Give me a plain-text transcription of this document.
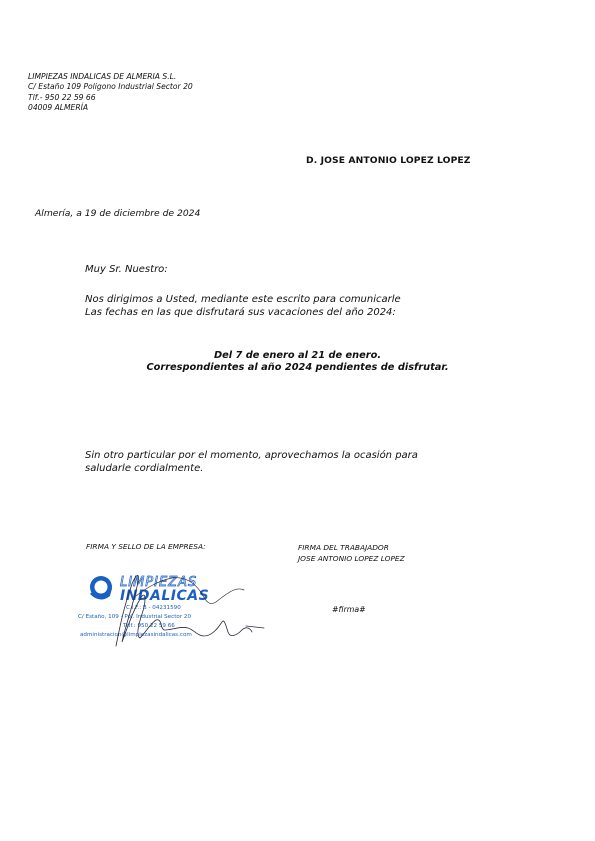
LIMPIEZAS INDALICAS DE ALMERIA S.L.
C/ Estaño 109 Poligono Industrial Sector 20
Tlf.- 950 22 59 66
04009 ALMERÍA
D. JOSE ANTONIO LOPEZ LOPEZ
Almería, a 19 de diciembre de 2024
Muy Sr. Nuestro:
Nos dirigimos a Usted, mediante este escrito para comunicarle
Las fechas en las que disfrutará sus vacaciones del año 2024:
Del 7 de enero al 21 de enero.
Correspondientes al año 2024 pendientes de disfrutar.
Sin otro particular por el momento, aprovechamos la ocasión para
saludarle cordialmente.
FIRMA Y SELLO DE LA EMPRESA:	FIRMA DEL TRABAJADOR
JOSE ANTONIO LOPEZ LOPEZ
#firma#
LIMPIEZAS
INDALICAS
C.I.F.: B - 04231590
C/ Estaño, 109 - Pol. Industrial Sector 20
Telf.: 950 22 59 66
administracion@limpiezasindalicas.com
